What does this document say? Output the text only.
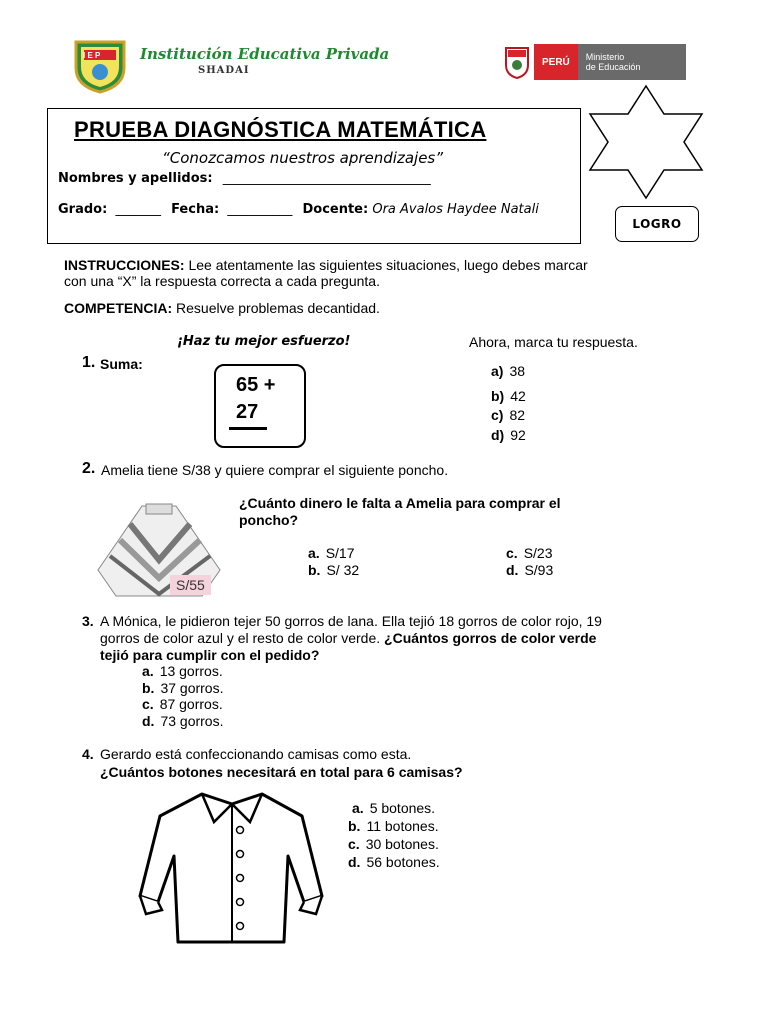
I E P	Institución Educativa Privada
SHADAI
PERÚ	Ministerio
de Educación
PRUEBA DIAGNÓSTICA MATEMÁTICA
“Conozcamos nuestros aprendizajes”
Nombres y apellidos: ________________________________
Grado: _______ Fecha: __________ Docente: Ora Avalos Haydee Natali
LOGRO
INSTRUCCIONES: Lee atentamente las siguientes situaciones, luego debes marcar
con una “X” la respuesta correcta a cada pregunta.
COMPETENCIA: Resuelve problemas decantidad.
¡Haz tu mejor esfuerzo!	Ahora, marca tu respuesta.
1. Suma:
65 +
27
a) 38
b) 42
c) 82
d) 92
2. Amelia tiene S/38 y quiere comprar el siguiente poncho.
S/55
¿Cuánto dinero le falta a Amelia para comprar el
poncho?
a. S/17
b. S/ 32
c. S/23
d. S/93
3. A Mónica, le pidieron tejer 50 gorros de lana. Ella tejió 18 gorros de color rojo, 19
gorros de color azul y el resto de color verde. ¿Cuántos gorros de color verde
tejió para cumplir con el pedido?
a. 13 gorros.
b. 37 gorros.
c. 87 gorros.
d. 73 gorros.
4. Gerardo está confeccionando camisas como esta.
¿Cuántos botones necesitará en total para 6 camisas?
a. 5 botones.
b. 11 botones.
c. 30 botones.
d. 56 botones.
